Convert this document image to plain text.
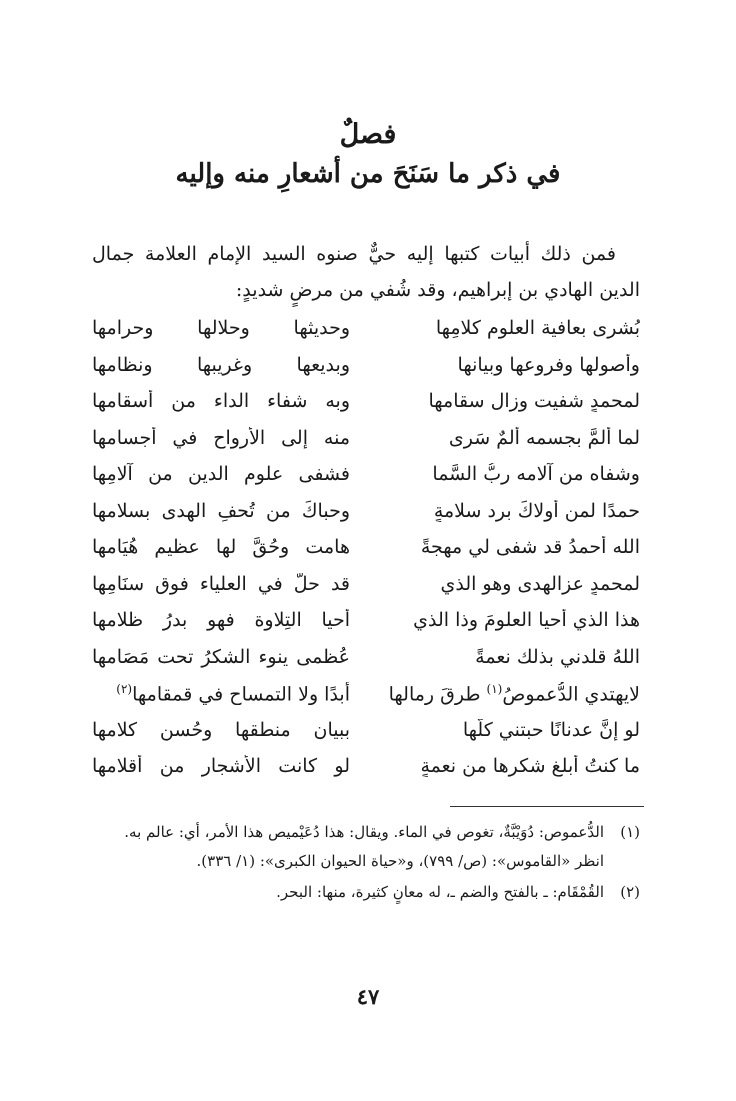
فصلٌ
في ذكر ما سَنَحَ من أشعارِ منه وإليه
فمن ذلك أبيات كتبها إليه حيٌّ صنوه السيد الإمام العلامة جمال الدين الهادي بن إبراهيم، وقد شُفي من مرضٍ شديدٍ:
بُشرى بعافية العلوم كلامِها
وحديثها وحلالها وحرامها
وأُصولها وفروعها وبيانها
وبديعها وغريبها ونظامها
لمحمدٍ شفيت وزال سقامها
وبه شفاء الداء من أسقامها
لما ألمَّ بجسمه ألمٌ سَرى
منه إلى الأرواح في أجسامها
وشفاه من آلامه ربُّ السَّما
فشفى علوم الدين من آلامِها
حمدًا لمن أولاكَ برد سلامةٍ
وحباكَ من تُحفِ الهدى بسلامها
الله أحمدُ قد شفى لي مهجةً
هامت وحُقَّ لها عظيم هُيَامها
لمحمدٍ عزالهدى وهو الذي
قد حلَّ في العلياء فوق سنَامِها
هذا الذي أحيا العلومَ وذا الذي
أحيا التِلاوة فهو بدرُ ظلامها
اللهُ قلدني بذلك نعمةً
عُظمى ينوء الشكرُ تحت مَصَامها
لايهتدي الدُّعموصُ$^{(١)}$ طرقَ رمالها
أبدًا ولا التمساح في قمقامها$^{(٢)}$
لو إنَّ عدنانًا حبتني كلُّها
ببيان منطقها وحُسن كلامها
ما كنتُ أبلغ شكرها من نعمةٍ
لو كانت الأشجار من أقلامها
(١)
الدُّعموص: دُوَيْبَّةٌ، تغوص في الماء. ويقال: هذا دُعَيْميص هذا الأمر، أي: عالم به. انظر «القاموس»: (ص/ ٧٩٩)، و«حياة الحيوان الكبرى»: (١/ ٣٣٦).
(٢)
القُمْقَام: ـ بالفتح والضم ـ، له معانٍ كثيرة، منها: البحر.
٤٧
